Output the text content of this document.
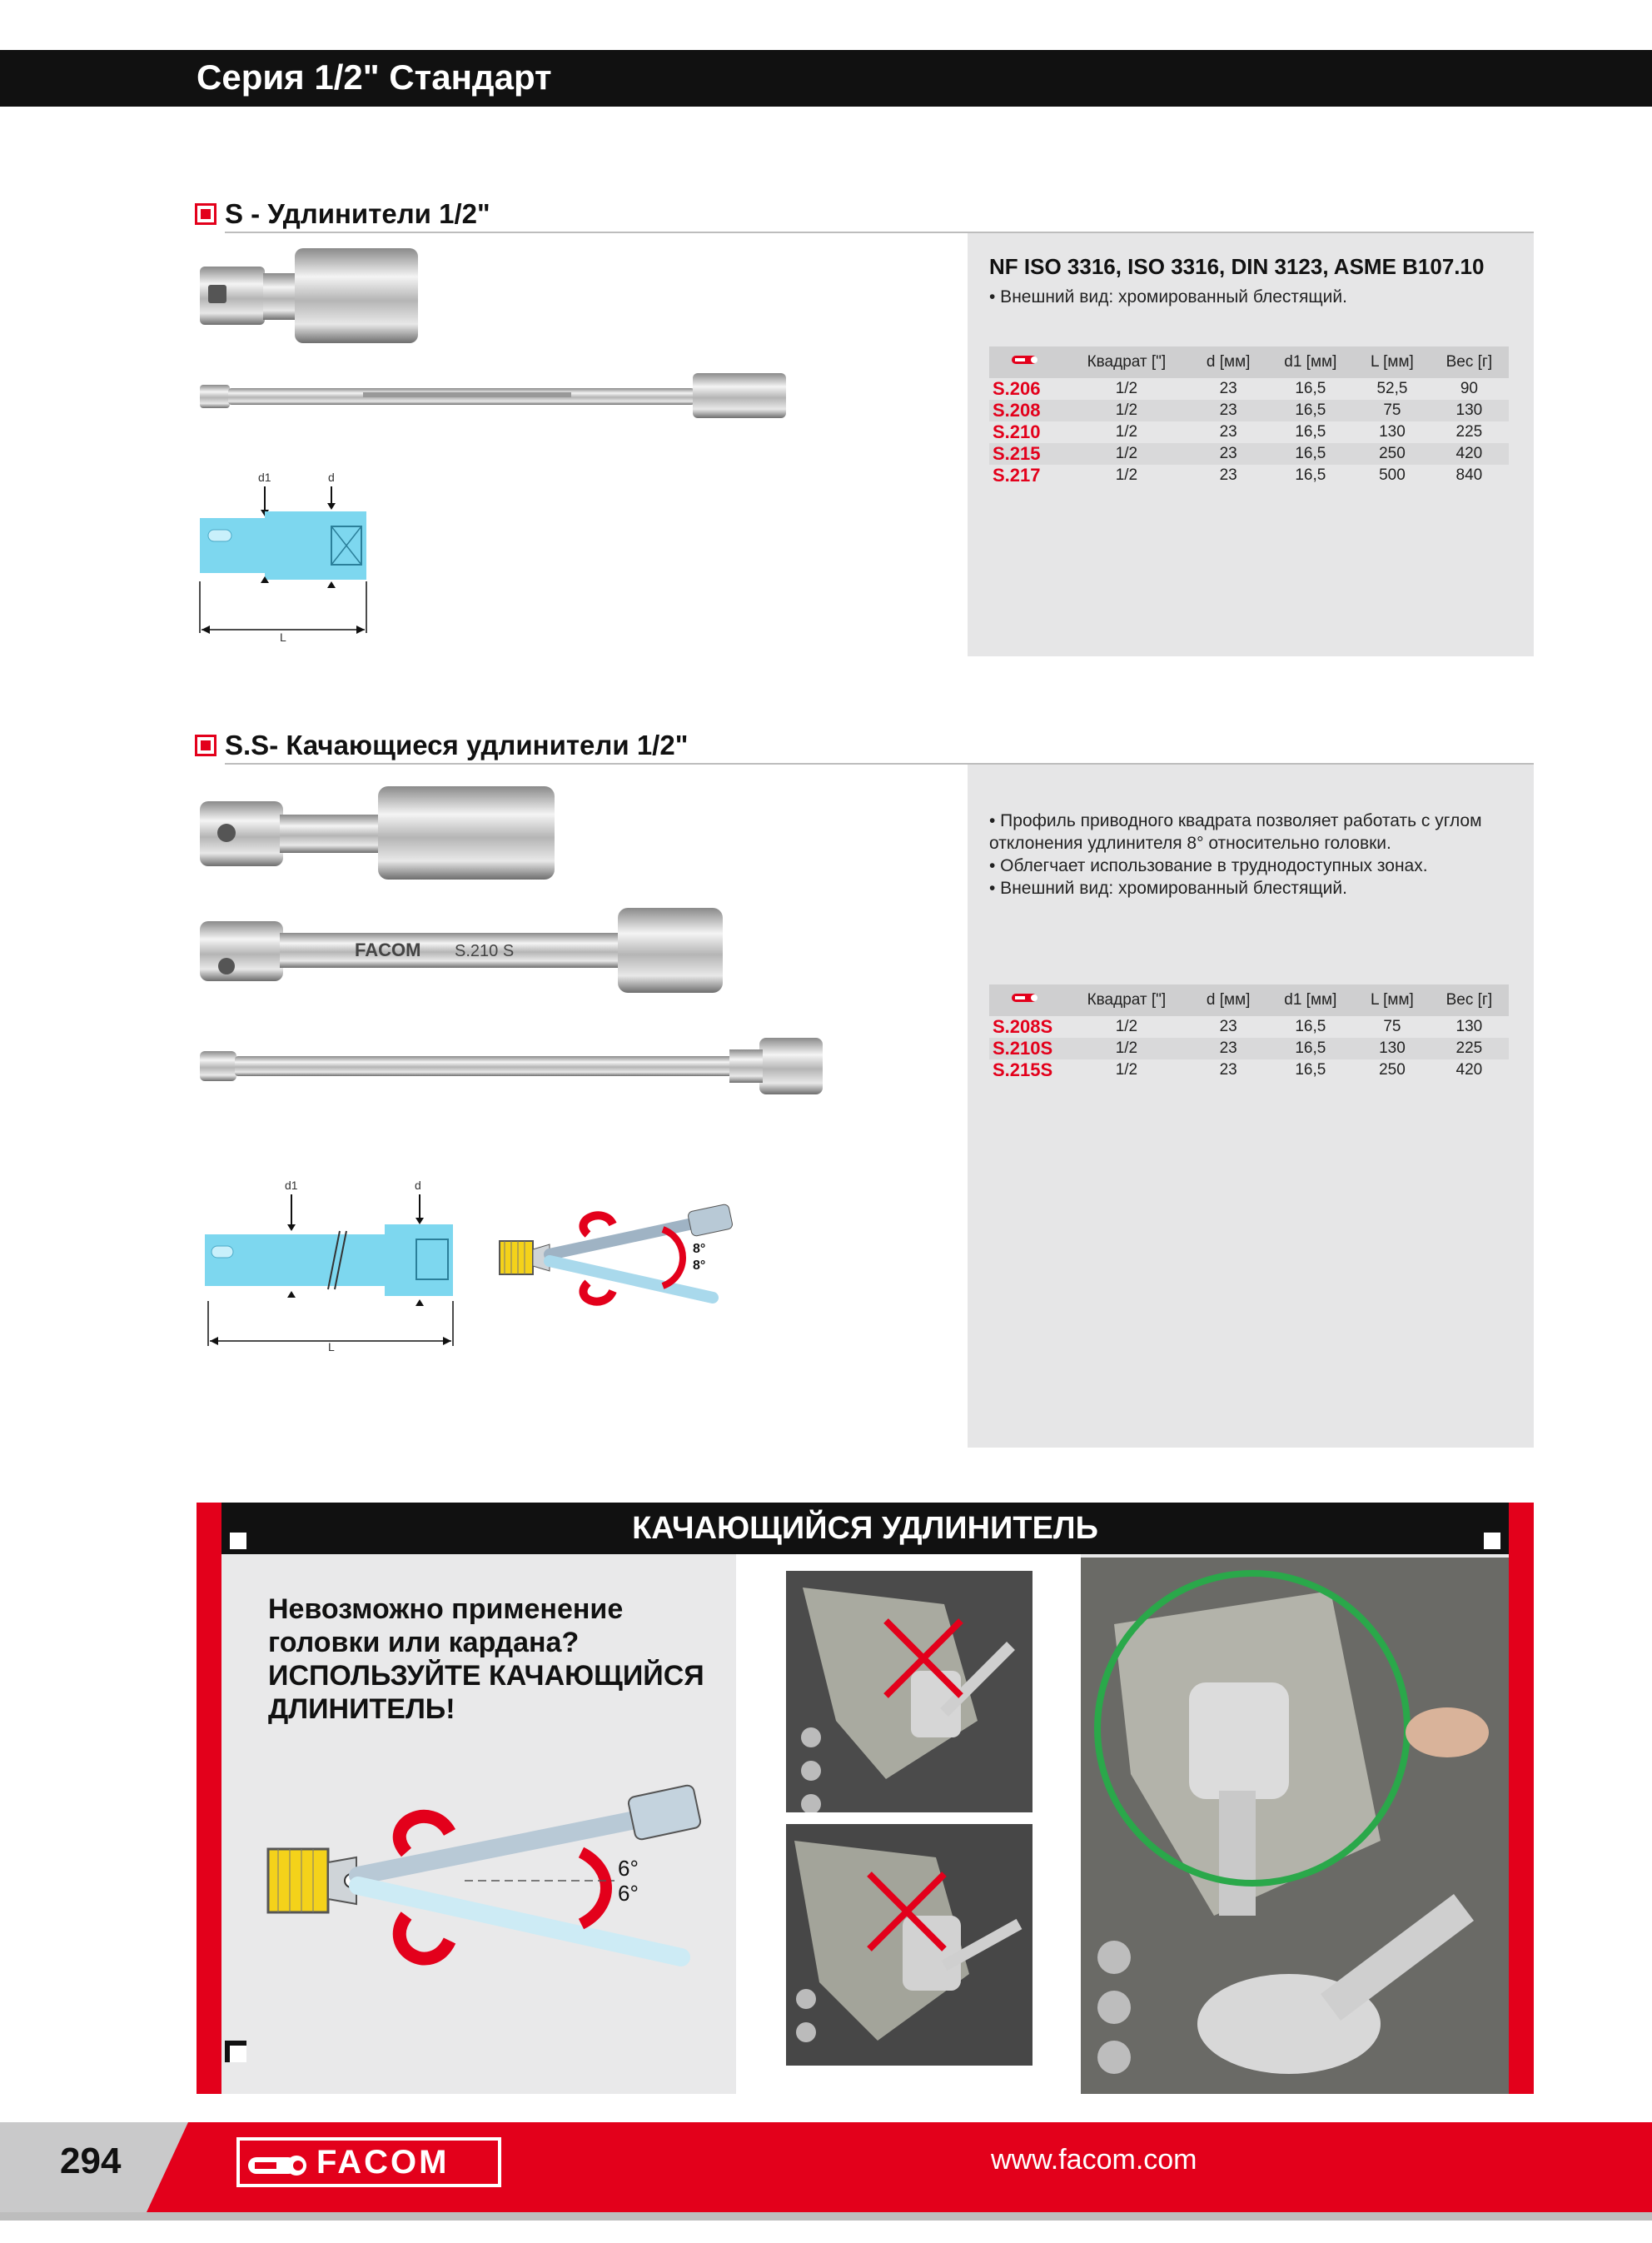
Серия 1/2" Стандарт
S - Удлинители 1/2"
NF ISO 3316, ISO 3316, DIN 3123, ASME B107.10
• Внешний вид: хромированный блестящий.
	Квадрат ["]	d [мм]	d1 [мм]	L [мм]	Вес [г]
S.206	1/2	23	16,5	52,5	90
S.208	1/2	23	16,5	75	130
S.210	1/2	23	16,5	130	225
S.215	1/2	23	16,5	250	420
S.217	1/2	23	16,5	500	840
d1	d
L
S.S- Качающиеся удлинители 1/2"
• Профиль приводного квадрата позволяет работать с углом
отклонения удлинителя 8° относительно головки.
• Облегчает использование в труднодоступных зонах.
• Внешний вид: хромированный блестящий.
	Квадрат ["]	d [мм]	d1 [мм]	L [мм]	Вес [г]
S.208S	1/2	23	16,5	75	130
S.210S	1/2	23	16,5	130	225
S.215S	1/2	23	16,5	250	420
FACOM S.210 S
d1	d
L
8°
8°
КАЧАЮЩИЙСЯ УДЛИНИТЕЛЬ
Невозможно применение
головки или кардана?
ИСПОЛЬЗУЙТЕ КАЧАЮЩИЙСЯ
ДЛИНИТЕЛЬ!
6°
6°
294	FACOM	www.facom.com
